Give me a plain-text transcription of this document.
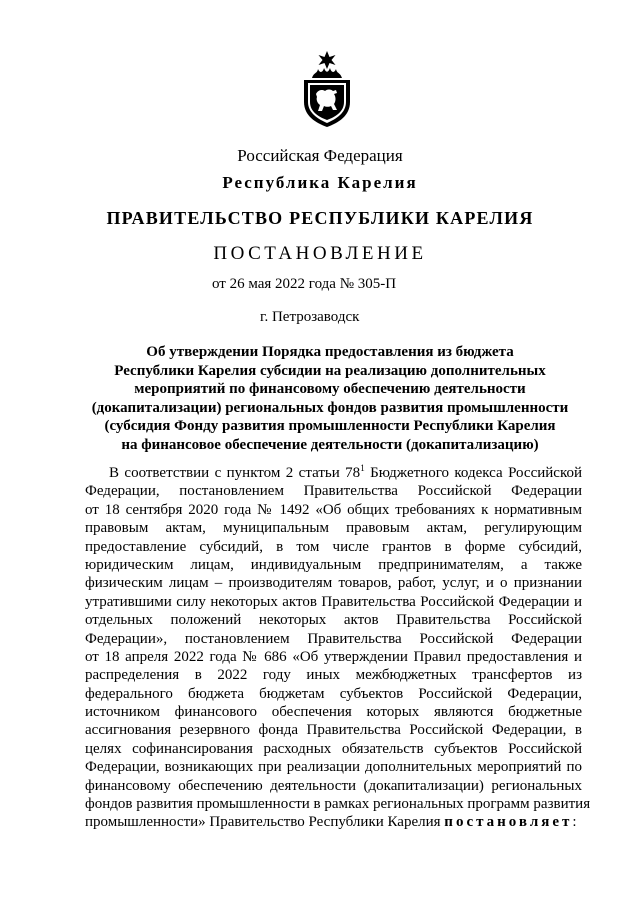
Российская Федерация

Республика Карелия

ПРАВИТЕЛЬСТВО РЕСПУБЛИКИ КАРЕЛИЯ

ПОСТАНОВЛЕНИЕ

от 26 мая 2022 года № 305-П

г. Петрозаводск

Об утверждении Порядка предоставления из бюджета
Республики Карелия субсидии на реализацию дополнительных
мероприятий по финансовому обеспечению деятельности
(докапитализации) региональных фондов развития промышленности
(субсидия Фонду развития промышленности Республики Карелия
на финансовое обеспечение деятельности (докапитализацию)
В соответствии с пунктом 2 статьи $78^1$ Бюджетного кодекса Российской
Федерации, постановлением Правительства Российской Федерации
от 18 сентября 2020 года № 1492 «Об общих требованиях к нормативным
правовым актам, муниципальным правовым актам, регулирующим
предоставление субсидий, в том числе грантов в форме субсидий,
юридическим лицам, индивидуальным предпринимателям, а также
физическим лицам – производителям товаров, работ, услуг, и о признании
утратившими силу некоторых актов Правительства Российской Федерации и
отдельных положений некоторых актов Правительства Российской
Федерации», постановлением Правительства Российской Федерации
от 18 апреля 2022 года № 686 «Об утверждении Правил предоставления и
распределения в 2022 году иных межбюджетных трансфертов из
федерального бюджета бюджетам субъектов Российской Федерации,
источником финансового обеспечения которых являются бюджетные
ассигнования резервного фонда Правительства Российской Федерации, в
целях софинансирования расходных обязательств субъектов Российской
Федерации, возникающих при реализации дополнительных мероприятий по
финансовому обеспечению деятельности (докапитализации) региональных
фондов развития промышленности в рамках региональных программ развития
промышленности» Правительство Республики Карелия постановляет:
